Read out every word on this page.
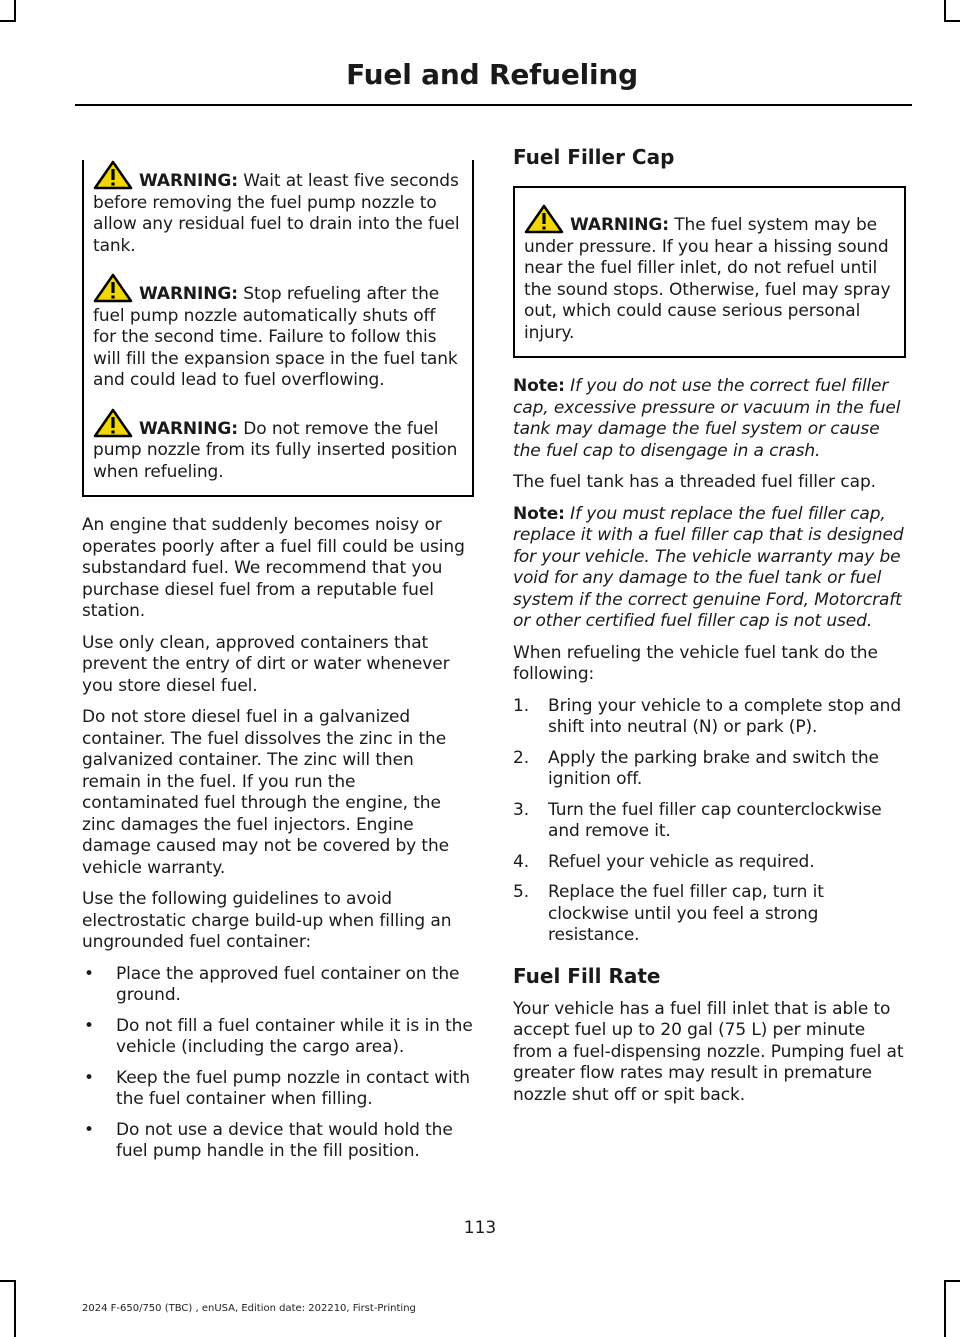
Fuel and Refueling
WARNING: Wait at least five seconds before removing the fuel pump nozzle to allow any residual fuel to drain into the fuel tank.
WARNING: Stop refueling after the fuel pump nozzle automatically shuts off for the second time. Failure to follow this will fill the expansion space in the fuel tank and could lead to fuel overflowing.
WARNING: Do not remove the fuel pump nozzle from its fully inserted position when refueling.

An engine that suddenly becomes noisy or operates poorly after a fuel fill could be using substandard fuel. We recommend that you purchase diesel fuel from a reputable fuel station.

Use only clean, approved containers that prevent the entry of dirt or water whenever you store diesel fuel.

Do not store diesel fuel in a galvanized container. The fuel dissolves the zinc in the galvanized container. The zinc will then remain in the fuel. If you run the contaminated fuel through the engine, the zinc damages the fuel injectors. Engine damage caused may not be covered by the vehicle warranty.

Use the following guidelines to avoid electrostatic charge build-up when filling an ungrounded fuel container:

• Place the approved fuel container on the ground.
• Do not fill a fuel container while it is in the vehicle (including the cargo area).
• Keep the fuel pump nozzle in contact with the fuel container when filling.
• Do not use a device that would hold the fuel pump handle in the fill position.
Fuel Filler Cap
WARNING: The fuel system may be under pressure. If you hear a hissing sound near the fuel filler inlet, do not refuel until the sound stops. Otherwise, fuel may spray out, which could cause serious personal injury.

Note: If you do not use the correct fuel filler cap, excessive pressure or vacuum in the fuel tank may damage the fuel system or cause the fuel cap to disengage in a crash.

The fuel tank has a threaded fuel filler cap.

Note: If you must replace the fuel filler cap, replace it with a fuel filler cap that is designed for your vehicle. The vehicle warranty may be void for any damage to the fuel tank or fuel system if the correct genuine Ford, Motorcraft or other certified fuel filler cap is not used.

When refueling the vehicle fuel tank do the following:

1. Bring your vehicle to a complete stop and shift into neutral (N) or park (P).
2. Apply the parking brake and switch the ignition off.
3. Turn the fuel filler cap counterclockwise and remove it.
4. Refuel your vehicle as required.
5. Replace the fuel filler cap, turn it clockwise until you feel a strong resistance.
Fuel Fill Rate

Your vehicle has a fuel fill inlet that is able to accept fuel up to 20 gal (75 L) per minute from a fuel-dispensing nozzle. Pumping fuel at greater flow rates may result in premature nozzle shut off or spit back.

113
2024 F-650/750 (TBC) , enUSA, Edition date: 202210, First-Printing
